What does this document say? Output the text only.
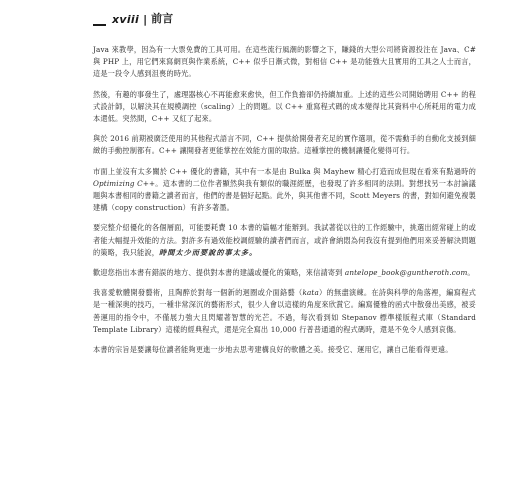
xviii | 前言

Java 來教學，因為有一大票免費的工具可用。在這些流行風潮的影響之下，賺錢的大型公司將資源投注在 Java、C# 與 PHP 上，用它們來寫網頁與作業系統，C++ 似乎日漸式微，對相信 C++ 是功能強大且實用的工具之人士而言，這是一段令人感到沮喪的時光。

然後，有趣的事發生了，處理器核心不再能愈來愈快，但工作負擔卻仍持續加重。上述的這些公司開始聘用 C++ 的程式設計師，以解決其在規模調控（scaling）上的問題。以 C++ 重寫程式碼的成本變得比其資料中心所耗用的電力成本還低。突然間，C++ 又紅了起來。

與於 2016 前期被廣泛使用的其他程式語言不同，C++ 提供給開發者充足的實作選項，從不需動手的自動化支援到細緻的手動控制都有。C++ 讓開發者更能掌控在效能方面的取捨。這種掌控的機制讓優化變得可行。

市面上並沒有太多關於 C++ 優化的書籍，其中有一本是由 Bulka 與 Mayhew 精心打造而成但現在看來有點過時的 Optimizing C++。這本書的二位作者顯然與我有類似的職涯經歷，也發現了許多相同的法則。對想找另一本討論議題與本書相同的書籍之讀者而言，他們的書是個好起點。此外，與其他書不同，Scott Meyers 的書，對如何避免複製建構（copy construction）有許多著墨。

要完整介紹優化的各個層面，可能要耗費 10 本書的篇幅才能辦到。我試著從以往的工作經驗中，挑選出經常碰上的或者能大幅提升效能的方法。對許多有過效能校調經驗的讀者們而言，或許會納悶為何我沒有提到他們用來妥善解決問題的策略，我只能說，時間太少而要說的事太多。

歡迎您指出本書有錯誤的地方、提供對本書的建議或優化的策略，來信請寄到 antelope_book@guntheroth.com。

我喜愛軟體開發藝術，且陶醉於對每一個新的迴圈或介面鉻藝（kata）的無盡演練。在詩與科學的角落裡，編寫程式是一種深奧的技巧，一種非常深沉的藝術形式，很少人會以這樣的角度來欣賞它。編寫優雅的函式中散發出美感，被妥善運用的指令中，不僅展力強大且閃耀著智慧的光芒。不過，每次看到如 Stepanov 標準樣版程式庫（Standard Template Library）這樣的經典程式，還是完全寫出 10,000 行普普通通的程式碼時，還是不免令人感到哀傷。

本書的宗旨是要讓每位讀者能夠更進一步地去思考建構良好的軟體之美。接受它、運用它，讓自己能看得更遠。
